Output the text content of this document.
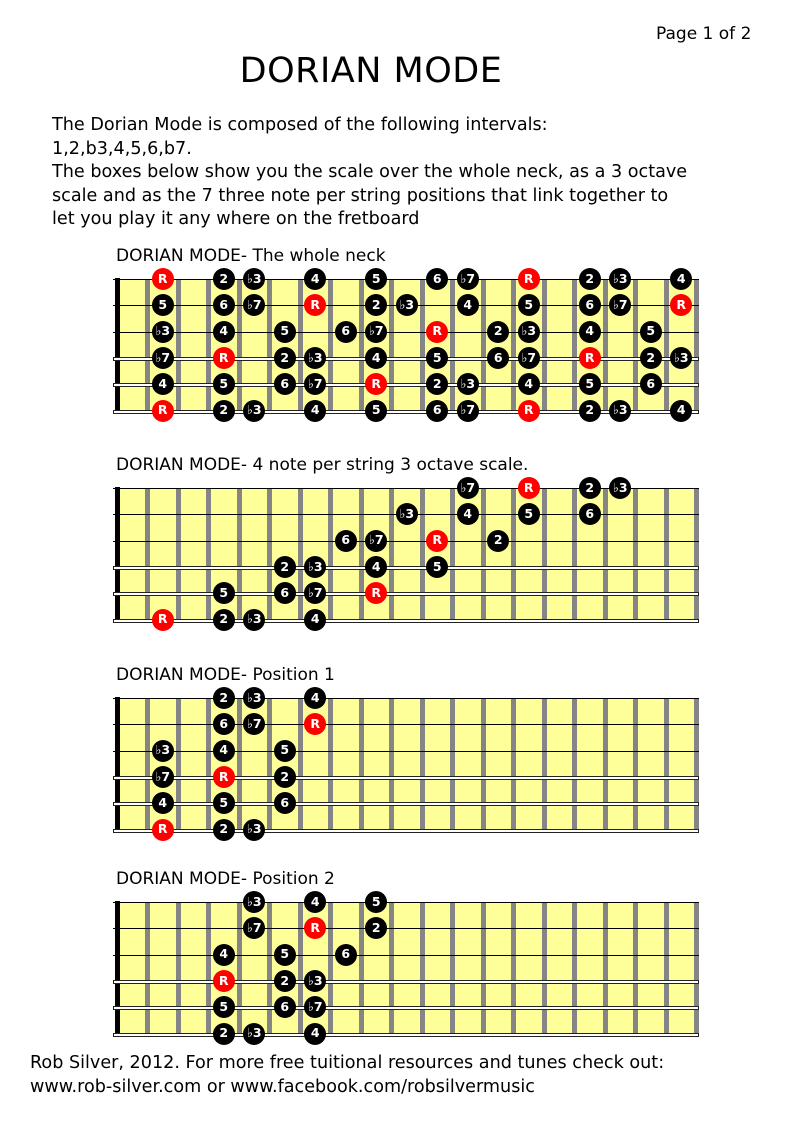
Page 1 of 2
DORIAN MODE
The Dorian Mode is composed of the following intervals:
1,2,b3,4,5,6,b7.
The boxes below show you the scale over the whole neck, as a 3 octave
scale and as the 7 three note per string positions that link together to
let you play it any where on the fretboard
DORIAN MODE- The whole neck
R	2	♭3	4	5	6	♭7	R	2	♭3	4
5	6	♭7	R	2	♭3	4	5	6	♭7	R
♭3	4	5	6	♭7	R	2	♭3	4	5
♭7	R	2	♭3	4	5	6	♭7	R	2	♭3
4	5	6	♭7	R	2	♭3	4	5	6
R	2	♭3	4	5	6	♭7	R	2	♭3	4
DORIAN MODE- 4 note per string 3 octave scale.
♭7	R	2	♭3
♭3	4	5	6
6	♭7	R	2
2	♭3	4	5
5	6	♭7	R
R	2	♭3	4
DORIAN MODE- Position 1
2	♭3	4
6	♭7	R
♭3	4	5
♭7	R	2
4	5	6
R	2	♭3
DORIAN MODE- Position 2
♭3	4	5
♭7	R	2
4	5	6
R	2	♭3
5	6	♭7
2	♭3	4
Rob Silver, 2012. For more free tuitional resources and tunes check out:
www.rob-silver.com or www.facebook.com/robsilvermusic
